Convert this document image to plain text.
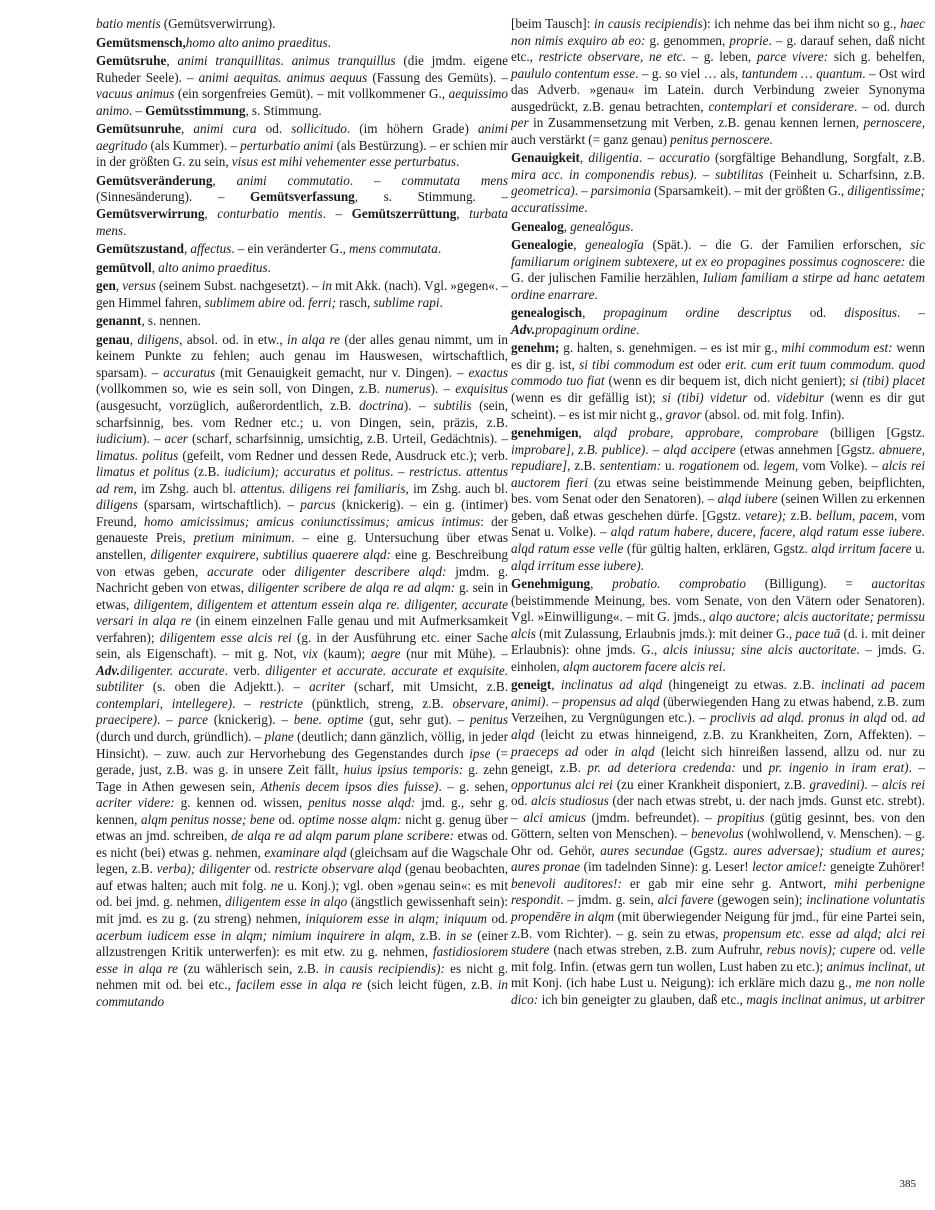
batio mentis (Gemütsverwirrung).

Gemütsmensch,homo alto animo praeditus.

Gemütsruhe, animi tranquillitas. animus tranquillus (die jmdm. eigene Ruheder Seele). – animi aequitas. animus aequus (Fassung des Gemüts). – vacuus animus (ein sorgenfreies Gemüt). – mit vollkommener G., aequissimo animo. – Gemütsstimmung, s. Stimmung.

Gemütsunruhe, animi cura od. sollicitudo. (im höhern Grade) animi aegritudo (als Kummer). – perturbatio animi (als Bestürzung). – er schien mir in der größten G. zu sein, visus est mihi vehementer esse perturbatus.

Gemütsveränderung, animi commutatio. – commutata mens (Sinnesänderung). – Gemütsverfassung, s. Stimmung. – Gemütsverwirrung, conturbatio mentis. – Gemütszerrüttung, turbata mens.

Gemütszustand, affectus. – ein veränderter G., mens commutata.

gemütvoll, alto animo praeditus.

gen, versus (seinem Subst. nachgesetzt). – in mit Akk. (nach). Vgl. »gegen«. – gen Himmel fahren, sublimem abire od. ferri; rasch, sublime rapi.

genannt, s. nennen.

genau, diligens, absol. od. in etw., in alqa re (der alles genau nimmt, um in keinem Punkte zu fehlen; auch genau im Hauswesen, wirtschaftlich, sparsam). – accuratus (mit Genauigkeit gemacht, nur v. Dingen). – exactus (vollkommen so, wie es sein soll, von Dingen, z.B. numerus). – exquisitus (ausgesucht, vorzüglich, außerordentlich, z.B. doctrina). – subtilis (sein, scharfsinnig, bes. vom Redner etc.; u. von Dingen, sein, präzis, z.B. iudicium). – acer (scharf, scharfsinnig, umsichtig, z.B. Urteil, Gedächtnis). – limatus. politus (gefeilt, vom Redner und dessen Rede, Ausdruck etc.); verb. limatus et politus (z.B. iudicium); accuratus et politus. – restrictus. attentus ad rem, im Zshg. auch bl. attentus. diligens rei familiaris, im Zshg. auch bl. diligens (sparsam, wirtschaftlich). – parcus (knickerig). – ein g. (intimer) Freund, homo amicissimus; amicus coniunctissimus; amicus intimus: der genaueste Preis, pretium minimum. – eine g. Untersuchung über etwas anstellen, diligenter exquirere, subtilius quaerere alqd: eine g. Beschreibung von etwas geben, accurate oder diligenter describere alqd: jmdm. g. Nachricht geben von etwas, diligenter scribere de alqa re ad alqm: g. sein in etwas, diligentem, diligentem et attentum essein alqa re. diligenter, accurate versari in alqa re (in einem einzelnen Falle genau und mit Aufmerksamkeit verfahren); diligentem esse alcis rei (g. in der Ausführung etc. einer Sache sein, als Eigenschaft). – mit g. Not, vix (kaum); aegre (nur mit Mühe). – Adv.diligenter. accurate. verb. diligenter et accurate. accurate et exquisite. subtiliter (s. oben die Adjektt.). – acriter (scharf, mit Umsicht, z.B. contemplari, intellegere). – restricte (pünktlich, streng, z.B. observare, praecipere). – parce (knickerig). – bene. optime (gut, sehr gut). – penitus (durch und durch, gründlich). – plane (deutlich; dann gänzlich, völlig, in jeder Hinsicht). – zuw. auch zur Hervorhebung des Gegenstandes durch ipse (= gerade, just, z.B. was g. in unsere Zeit fällt, huius ipsius temporis: g. zehn Tage in Athen gewesen sein, Athenis decem ipsos dies fuisse). – g. sehen, acriter videre: g. kennen od. wissen, penitus nosse alqd: jmd. g., sehr g. kennen, alqm penitus nosse; bene od. optime nosse alqm: nicht g. genug über etwas an jmd. schreiben, de alqa re ad alqm parum plane scribere: etwas od. es nicht (bei) etwas g. nehmen, examinare alqd (gleichsam auf die Wagschale legen, z.B. verba); diligenter od. restricte observare alqd (genau beobachten, auf etwas halten; auch mit folg. ne u. Konj.); vgl. oben »genau sein«: es mit od. bei jmd. g. nehmen, diligentem esse in alqo (ängstlich gewissenhaft sein): mit jmd. es zu g. (zu streng) nehmen, iniquiorem esse in alqm; iniquum od. acerbum iudicem esse in alqm; nimium inquirere in alqm, z.B. in se (einer allzustrengen Kritik unterwerfen): es mit etw. zu g. nehmen, fastidiosiorem esse in alqa re (zu wählerisch sein, z.B. in causis recipiendis): es nicht g. nehmen mit od. bei etc., facilem esse in alqa re (sich leicht fügen, z.B. in commutando

[beim Tausch]: in causis recipiendis): ich nehme das bei ihm nicht so g., haec non nimis exquiro ab eo: g. genommen, proprie. – g. darauf sehen, daß nicht etc., restricte observare, ne etc. – g. leben, parce vivere: sich g. behelfen, paululo contentum esse. – g. so viel … als, tantundem … quantum. – Ost wird das Adverb. »genau« im Latein. durch Verbindung zweier Synonyma ausgedrückt, z.B. genau betrachten, contemplari et considerare. – od. durch per in Zusammensetzung mit Verben, z.B. genau kennen lernen, pernoscere, auch verstärkt (= ganz genau) penitus pernoscere.

Genauigkeit, diligentia. – accuratio (sorgfältige Behandlung, Sorgfalt, z.B. mira acc. in componendis rebus). – subtilitas (Feinheit u. Scharfsinn, z.B. geometrica). – parsimonia (Sparsamkeit). – mit der größten G., diligentissime; accuratissime.

Genealog, genealŏgus.

Genealogie, genealogĭa (Spät.). – die G. der Familien erforschen, sic familiarum originem subtexere, ut ex eo propagines possimus cognoscere: die G. der julischen Familie herzählen, Iuliam familiam a stirpe ad hanc aetatem ordine enarrare.

genealogisch, propaginum ordine descriptus od. dispositus. – Adv.propaginum ordine.

genehm; g. halten, s. genehmigen. – es ist mir g., mihi commodum est: wenn es dir g. ist, si tibi commodum est oder erit. cum erit tuum commodum. quod commodo tuo fiat (wenn es dir bequem ist, dich nicht geniert); si (tibi) placet (wenn es dir gefällig ist); si (tibi) videtur od. videbitur (wenn es dir gut scheint). – es ist mir nicht g., gravor (absol. od. mit folg. Infin).

genehmigen, alqd probare, approbare, comprobare (billigen [Ggstz. improbare], z.B. publice). – alqd accipere (etwas annehmen [Ggstz. abnuere, repudiare], z.B. sententiam: u. rogationem od. legem, vom Volke). – alcis rei auctorem fieri (zu etwas seine beistimmende Meinung geben, beipflichten, bes. vom Senat oder den Senatoren). – alqd iubere (seinen Willen zu erkennen geben, daß etwas geschehen dürfe. [Ggstz. vetare); z.B. bellum, pacem, vom Senat u. Volke). – alqd ratum habere, ducere, facere, alqd ratum esse iubere. alqd ratum esse velle (für gültig halten, erklären, Ggstz. alqd irritum facere u. alqd irritum esse iubere).

Genehmigung, probatio. comprobatio (Billigung). = auctoritas (beistimmende Meinung, bes. vom Senate, von den Vätern oder Senatoren). Vgl. »Einwilligung«. – mit G. jmds., alqo auctore; alcis auctoritate; permissu alcis (mit Zulassung, Erlaubnis jmds.): mit deiner G., pace tuā (d. i. mit deiner Erlaubnis): ohne jmds. G., alcis iniussu; sine alcis auctoritate. – jmds. G. einholen, alqm auctorem facere alcis rei.

geneigt, inclinatus ad alqd (hingeneigt zu etwas. z.B. inclinati ad pacem animi). – propensus ad alqd (überwiegenden Hang zu etwas habend, z.B. zum Verzeihen, zu Vergnügungen etc.). – proclivis ad alqd. pronus in alqd od. ad alqd (leicht zu etwas hinneigend, z.B. zu Krankheiten, Zorn, Affekten). – praeceps ad oder in alqd (leicht sich hinreißen lassend, allzu od. nur zu geneigt, z.B. pr. ad deteriora credenda: und pr. ingenio in iram erat). – opportunus alci rei (zu einer Krankheit disponiert, z.B. gravedini). – alcis rei od. alcis studiosus (der nach etwas strebt, u. der nach jmds. Gunst etc. strebt). – alci amicus (jmdm. befreundet). – propitius (gütig gesinnt, bes. von den Göttern, selten von Menschen). – benevolus (wohlwollend, v. Menschen). – g. Ohr od. Gehör, aures secundae (Ggstz. aures adversae); studium et aures; aures pronae (im tadelnden Sinne): g. Leser! lector amice!: geneigte Zuhörer! benevoli auditores!: er gab mir eine sehr g. Antwort, mihi perbenigne respondit. – jmdm. g. sein, alci favere (gewogen sein); inclinatione voluntatis propendēre in alqm (mit überwiegender Neigung für jmd., für eine Partei sein, z.B. vom Richter). – g. sein zu etwas, propensum etc. esse ad alqd; alci rei studere (nach etwas streben, z.B. zum Aufruhr, rebus novis); cupere od. velle mit folg. Infin. (etwas gern tun wollen, Lust haben zu etc.); animus inclinat, ut mit Konj. (ich habe Lust u. Neigung): ich erkläre mich dazu g., me non nolle dico: ich bin geneigter zu glauben, daß etc., magis inclinat animus, ut arbitrer

385
